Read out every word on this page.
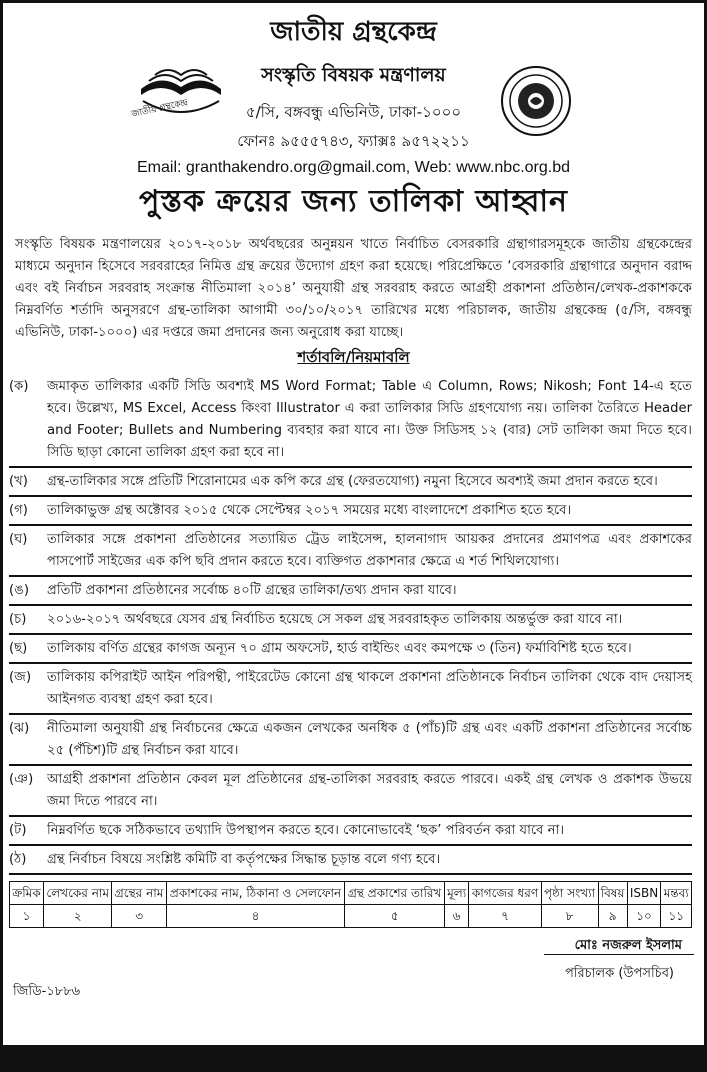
জাতীয় গ্রন্থকেন্দ্র
জাতীয় গ্রন্থকেন্দ্র
সংস্কৃতি বিষয়ক মন্ত্রণালয়
৫/সি, বঙ্গবন্ধু এভিনিউ, ঢাকা-১০০০
ফোনঃ ৯৫৫৫৭৪৩, ফ্যাক্সঃ ৯৫৭২২১১
Email: granthakendro.org@gmail.com, Web: www.nbc.org.bd
পুস্তক ক্রয়ের জন্য তালিকা আহ্বান
সংস্কৃতি বিষয়ক মন্ত্রণালয়ের ২০১৭-২০১৮ অর্থবছরের অনুন্নয়ন খাতে নির্বাচিত বেসরকারি গ্রন্থাগারসমূহকে জাতীয় গ্রন্থকেন্দ্রের মাধ্যমে অনুদান হিসেবে সরবরাহের নিমিত্ত গ্রন্থ ক্রয়ের উদ্যোগ গ্রহণ করা হয়েছে। পরিপ্রেক্ষিতে ‘বেসরকারি গ্রন্থাগারে অনুদান বরাদ্দ এবং বই নির্বাচন সরবরাহ সংক্রান্ত নীতিমালা ২০১৪’ অনুযায়ী গ্রন্থ সরবরাহ করতে আগ্রহী প্রকাশনা প্রতিষ্ঠান/লেখক-প্রকাশককে নিম্নবর্ণিত শর্তাদি অনুসরণে গ্রন্থ-তালিকা আগামী ৩০/১০/২০১৭ তারিখের মধ্যে পরিচালক, জাতীয় গ্রন্থকেন্দ্র (৫/সি, বঙ্গবন্ধু এভিনিউ, ঢাকা-১০০০) এর দপ্তরে জমা প্রদানের জন্য অনুরোধ করা যাচ্ছে।
শর্তাবলি/নিয়মাবলি
(ক)	জমাকৃত তালিকার একটি সিডি অবশ্যই MS Word Format; Table এ Column, Rows; Nikosh; Font 14-এ হতে হবে। উল্লেখ্য, MS Excel, Access কিংবা Illustrator এ করা তালিকার সিডি গ্রহণযোগ্য নয়। তালিকা তৈরিতে Header and Footer; Bullets and Numbering ব্যবহার করা যাবে না। উক্ত সিডিসহ ১২ (বার) সেট তালিকা জমা দিতে হবে। সিডি ছাড়া কোনো তালিকা গ্রহণ করা হবে না।
(খ)	গ্রন্থ-তালিকার সঙ্গে প্রতিটি শিরোনামের এক কপি করে গ্রন্থ (ফেরতযোগ্য) নমুনা হিসেবে অবশ্যই জমা প্রদান করতে হবে।
(গ)	তালিকাভুক্ত গ্রন্থ অক্টোবর ২০১৫ থেকে সেপ্টেম্বর ২০১৭ সময়ের মধ্যে বাংলাদেশে প্রকাশিত হতে হবে।
(ঘ)	তালিকার সঙ্গে প্রকাশনা প্রতিষ্ঠানের সত্যায়িত ট্রেড লাইসেন্স, হালনাগাদ আয়কর প্রদানের প্রমাণপত্র এবং প্রকাশকের পাসপোর্ট সাইজের এক কপি ছবি প্রদান করতে হবে। ব্যক্তিগত প্রকাশনার ক্ষেত্রে এ শর্ত শিথিলযোগ্য।
(ঙ)	প্রতিটি প্রকাশনা প্রতিষ্ঠানের সর্বোচ্চ ৪০টি গ্রন্থের তালিকা/তথ্য প্রদান করা যাবে।
(চ)	২০১৬-২০১৭ অর্থবছরে যেসব গ্রন্থ নির্বাচিত হয়েছে সে সকল গ্রন্থ সরবরাহকৃত তালিকায় অন্তর্ভুক্ত করা যাবে না।
(ছ)	তালিকায় বর্ণিত গ্রন্থের কাগজ অন্যূন ৭০ গ্রাম অফসেট, হার্ড বাইন্ডিং এবং কমপক্ষে ৩ (তিন) ফর্মাবিশিষ্ট হতে হবে।
(জ)	তালিকায় কপিরাইট আইন পরিপন্থী, পাইরেটেড কোনো গ্রন্থ থাকলে প্রকাশনা প্রতিষ্ঠানকে নির্বাচন তালিকা থেকে বাদ দেয়াসহ আইনগত ব্যবস্থা গ্রহণ করা হবে।
(ঝ)	নীতিমালা অনুযায়ী গ্রন্থ নির্বাচনের ক্ষেত্রে একজন লেখকের অনধিক ৫ (পাঁচ)টি গ্রন্থ এবং একটি প্রকাশনা প্রতিষ্ঠানের সর্বোচ্চ ২৫ (পঁচিশ)টি গ্রন্থ নির্বাচন করা যাবে।
(ঞ)	আগ্রহী প্রকাশনা প্রতিষ্ঠান কেবল মূল প্রতিষ্ঠানের গ্রন্থ-তালিকা সরবরাহ করতে পারবে। একই গ্রন্থ লেখক ও প্রকাশক উভয়ে জমা দিতে পারবে না।
(ট)	নিম্নবর্ণিত ছকে সঠিকভাবে তথ্যাদি উপস্থাপন করতে হবে। কোনোভাবেই ‘ছক’ পরিবর্তন করা যাবে না।
(ঠ)	গ্রন্থ নির্বাচন বিষয়ে সংশ্লিষ্ট কমিটি বা কর্তৃপক্ষের সিদ্ধান্ত চূড়ান্ত বলে গণ্য হবে।
ক্রমিক	লেখকের নাম	গ্রন্থের নাম	প্রকাশকের নাম, ঠিকানা ও সেলফোন	গ্রন্থ প্রকাশের তারিখ	মূল্য	কাগজের ধরণ	পৃষ্ঠা সংখ্যা	বিষয়	ISBN	মন্তব্য
১	২	৩	৪	৫	৬	৭	৮	৯	১০	১১
মোঃ নজরুল ইসলাম
পরিচালক (উপসচিব)
জিডি-১৮৮৬
